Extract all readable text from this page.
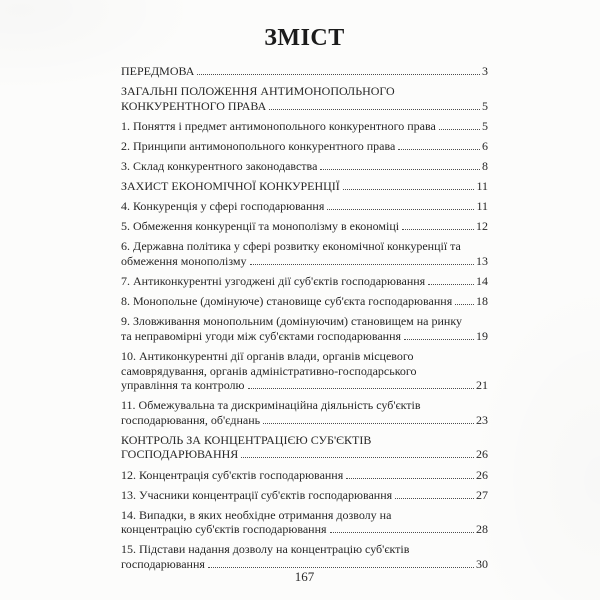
ЗМІСТ
ПЕРЕДМОВА	3
ЗАГАЛЬНІ ПОЛОЖЕННЯ АНТИМОНОПОЛЬНОГО
КОНКУРЕНТНОГО ПРАВА	5
1. Поняття і предмет антимонопольного конкурентного права	5
2. Принципи антимонопольного конкурентного права	6
3. Склад конкурентного законодавства	8
ЗАХИСТ ЕКОНОМІЧНОЇ КОНКУРЕНЦІЇ	11
4. Конкуренція у сфері господарювання	11
5. Обмеження конкуренції та монополізму в економіці	12
6. Державна політика у сфері розвитку економічної конкуренції та
обмеження монополізму	13
7. Антиконкурентні узгоджені дії суб'єктів господарювання	14
8. Монопольне (домінуюче) становище суб'єкта господарювання 18
9. Зловживання монопольним (домінуючим) становищем на ринку
та неправомірні угоди між суб'єктами господарювання	19
10. Антиконкурентні дії органів влади, органів місцевого
самоврядування, органів адміністративно-господарського
управління та контролю	21
11. Обмежувальна та дискримінаційна діяльність суб'єктів
господарювання, об'єднань	23
КОНТРОЛЬ ЗА КОНЦЕНТРАЦІЄЮ СУБ'ЄКТІВ
ГОСПОДАРЮВАННЯ	26
12. Концентрація суб'єктів господарювання	26
13. Учасники концентрації суб'єктів господарювання	27
14. Випадки, в яких необхідне отримання дозволу на
концентрацію суб'єктів господарювання	28
15. Підстави надання дозволу на концентрацію суб'єктів
господарювання	30
167
